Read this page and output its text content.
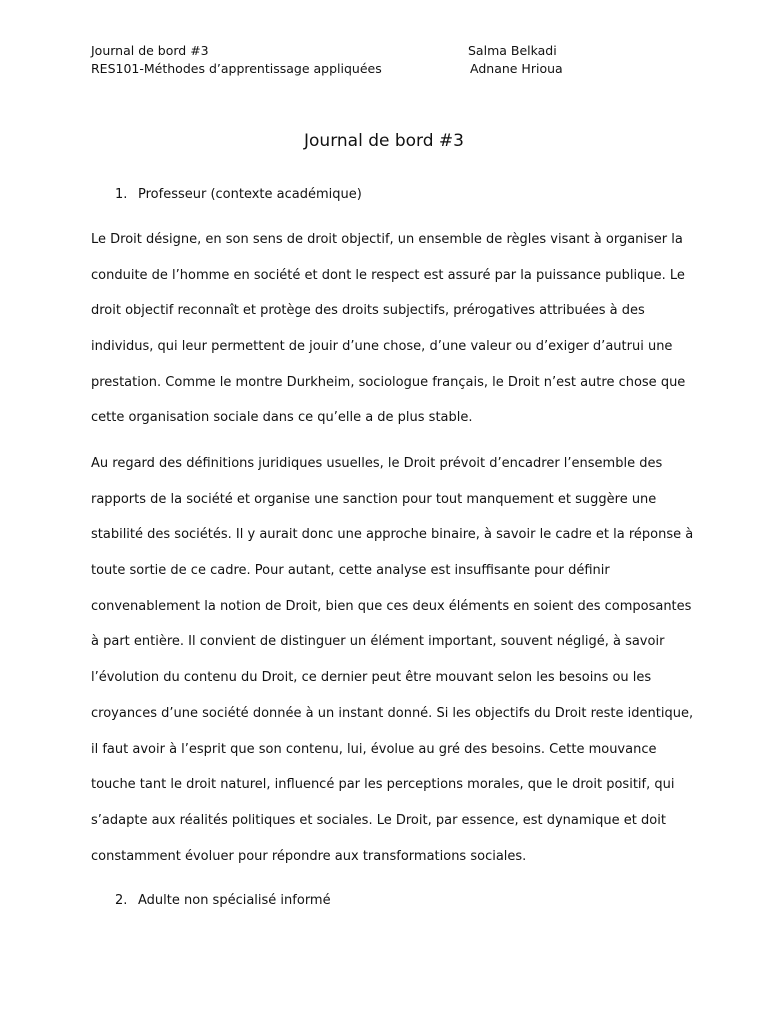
Journal de bord #3
RES101-Méthodes d’apprentissage appliquées
Salma Belkadi
Adnane Hrioua
Journal de bord #3
1. Professeur (contexte académique)
Le Droit désigne, en son sens de droit objectif, un ensemble de règles visant à organiser la
conduite de l’homme en société et dont le respect est assuré par la puissance publique. Le
droit objectif reconnaît et protège des droits subjectifs, prérogatives attribuées à des
individus, qui leur permettent de jouir d’une chose, d’une valeur ou d’exiger d’autrui une
prestation. Comme le montre Durkheim, sociologue français, le Droit n’est autre chose que
cette organisation sociale dans ce qu’elle a de plus stable.
Au regard des définitions juridiques usuelles, le Droit prévoit d’encadrer l’ensemble des
rapports de la société et organise une sanction pour tout manquement et suggère une
stabilité des sociétés. Il y aurait donc une approche binaire, à savoir le cadre et la réponse à
toute sortie de ce cadre. Pour autant, cette analyse est insuffisante pour définir
convenablement la notion de Droit, bien que ces deux éléments en soient des composantes
à part entière. Il convient de distinguer un élément important, souvent négligé, à savoir
l’évolution du contenu du Droit, ce dernier peut être mouvant selon les besoins ou les
croyances d’une société donnée à un instant donné. Si les objectifs du Droit reste identique,
il faut avoir à l’esprit que son contenu, lui, évolue au gré des besoins. Cette mouvance
touche tant le droit naturel, influencé par les perceptions morales, que le droit positif, qui
s’adapte aux réalités politiques et sociales. Le Droit, par essence, est dynamique et doit
constamment évoluer pour répondre aux transformations sociales.
2. Adulte non spécialisé informé
